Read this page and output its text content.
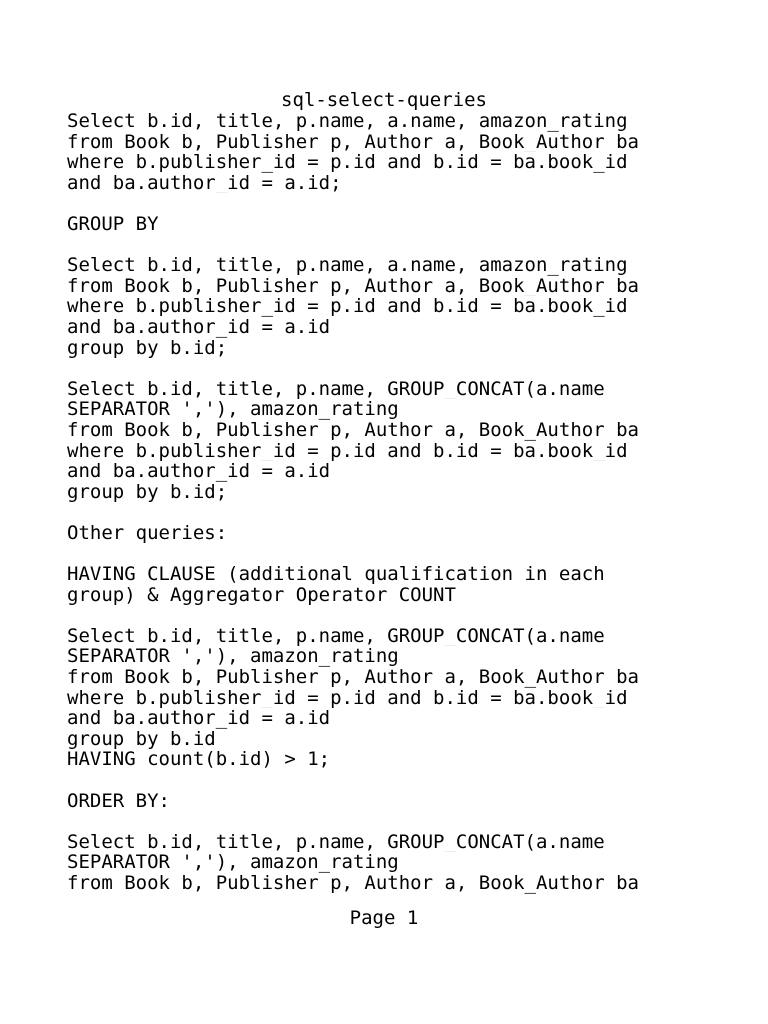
sql-select-queries
Select b.id, title, p.name, a.name, amazon_rating
from Book b, Publisher p, Author a, Book_Author ba
where b.publisher_id = p.id and b.id = ba.book_id
and ba.author_id = a.id;
GROUP BY
Select b.id, title, p.name, a.name, amazon_rating
from Book b, Publisher p, Author a, Book_Author ba
where b.publisher_id = p.id and b.id = ba.book_id
and ba.author_id = a.id
group by b.id;
Select b.id, title, p.name, GROUP_CONCAT(a.name
SEPARATOR ','), amazon_rating
from Book b, Publisher p, Author a, Book_Author ba
where b.publisher_id = p.id and b.id = ba.book_id
and ba.author_id = a.id
group by b.id;
Other queries:
HAVING CLAUSE (additional qualification in each
group) & Aggregator Operator COUNT
Select b.id, title, p.name, GROUP_CONCAT(a.name
SEPARATOR ','), amazon_rating
from Book b, Publisher p, Author a, Book_Author ba
where b.publisher_id = p.id and b.id = ba.book_id
and ba.author_id = a.id
group by b.id
HAVING count(b.id) > 1;
ORDER BY:
Select b.id, title, p.name, GROUP_CONCAT(a.name
SEPARATOR ','), amazon_rating
from Book b, Publisher p, Author a, Book_Author ba
Page 1
